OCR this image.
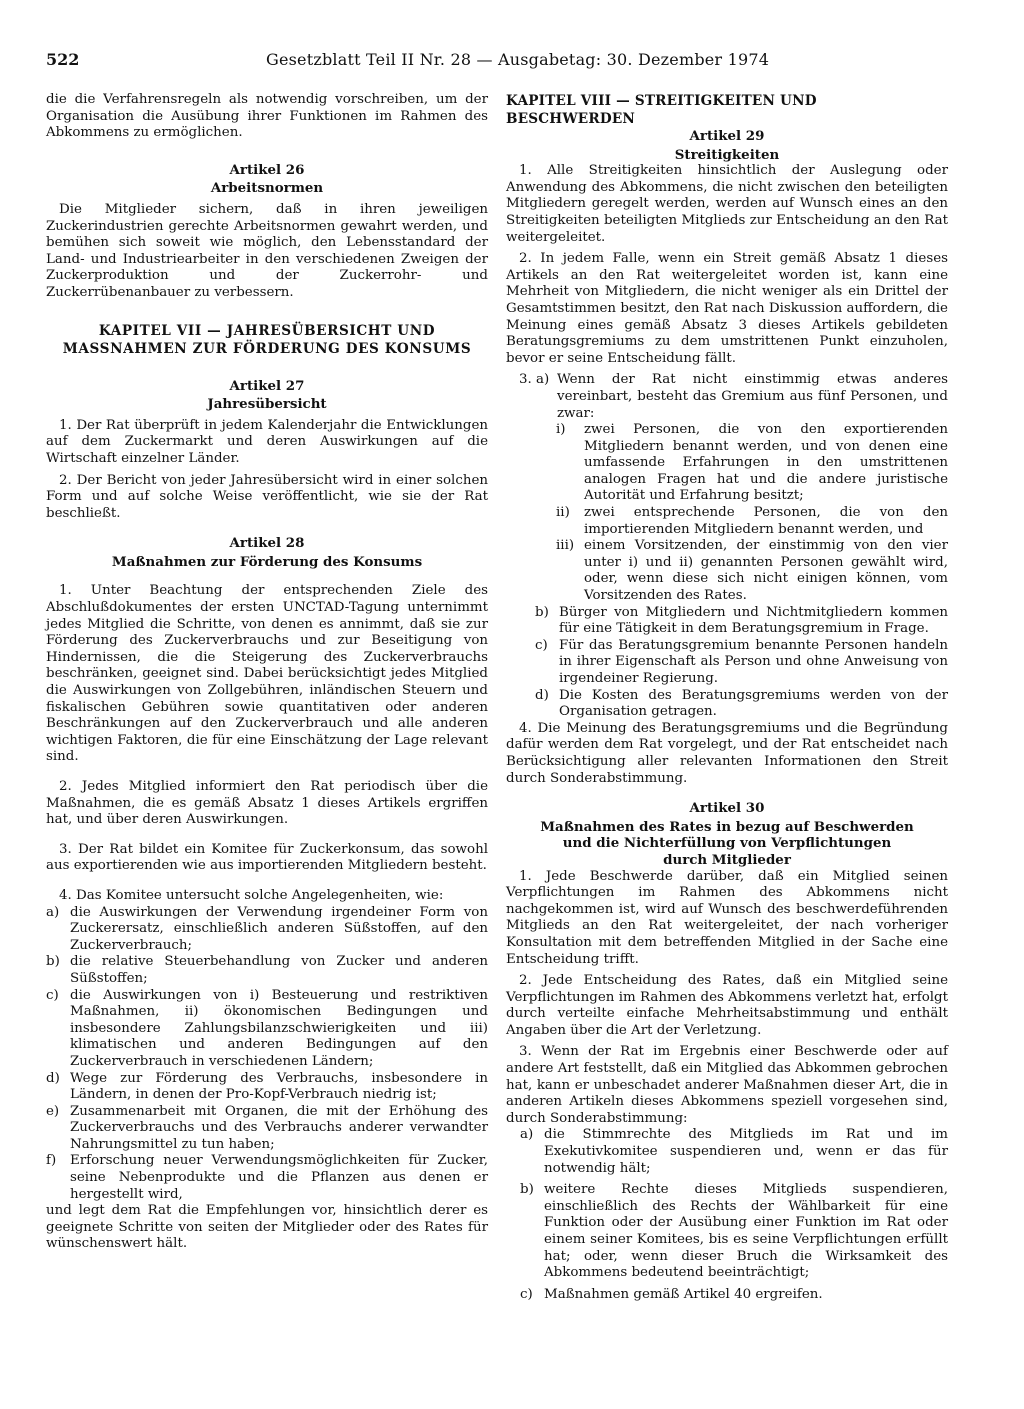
522	Gesetzblatt Teil II Nr. 28 — Ausgabetag: 30. Dezember 1974

die die Verfahrensregeln als notwendig vorschreiben, um der Organisation die Ausübung ihrer Funktionen im Rahmen des Abkommens zu ermöglichen.

Artikel 26

Arbeitsnormen

Die Mitglieder sichern, daß in ihren jeweiligen Zuckerindustrien gerechte Arbeitsnormen gewahrt werden, und bemühen sich soweit wie möglich, den Lebensstandard der Land- und Industriearbeiter in den verschiedenen Zweigen der Zuckerproduktion und der Zuckerrohr- und Zuckerrübenanbauer zu verbessern.

KAPITEL VII — JAHRESÜBERSICHT UND

MASSNAHMEN ZUR FÖRDERUNG DES KONSUMS

Artikel 27

Jahresübersicht

1. Der Rat überprüft in jedem Kalenderjahr die Entwicklungen auf dem Zuckermarkt und deren Auswirkungen auf die Wirtschaft einzelner Länder.

2. Der Bericht von jeder Jahresübersicht wird in einer solchen Form und auf solche Weise veröffentlicht, wie sie der Rat beschließt.

Artikel 28

Maßnahmen zur Förderung des Konsums

1. Unter Beachtung der entsprechenden Ziele des Abschlußdokumentes der ersten UNCTAD-Tagung unternimmt jedes Mitglied die Schritte, von denen es annimmt, daß sie zur Förderung des Zuckerverbrauchs und zur Beseitigung von Hindernissen, die die Steigerung des Zuckerverbrauchs beschränken, geeignet sind. Dabei berücksichtigt jedes Mitglied die Auswirkungen von Zollgebühren, inländischen Steuern und fiskalischen Gebühren sowie quantitativen oder anderen Beschränkungen auf den Zuckerverbrauch und alle anderen wichtigen Faktoren, die für eine Einschätzung der Lage relevant sind.

2. Jedes Mitglied informiert den Rat periodisch über die Maßnahmen, die es gemäß Absatz 1 dieses Artikels ergriffen hat, und über deren Auswirkungen.

3. Der Rat bildet ein Komitee für Zuckerkonsum, das sowohl aus exportierenden wie aus importierenden Mitgliedern besteht.

4. Das Komitee untersucht solche Angelegenheiten, wie:

a) die Auswirkungen der Verwendung irgendeiner Form von Zuckerersatz, einschließlich anderen Süßstoffen, auf den Zuckerverbrauch;
b) die relative Steuerbehandlung von Zucker und anderen Süßstoffen;
c) die Auswirkungen von i) Besteuerung und restriktiven Maßnahmen, ii) ökonomischen Bedingungen und insbesondere Zahlungsbilanzschwierigkeiten und iii) klimatischen und anderen Bedingungen auf den Zuckerverbrauch in verschiedenen Ländern;
d) Wege zur Förderung des Verbrauchs, insbesondere in Ländern, in denen der Pro-Kopf-Verbrauch niedrig ist;
e) Zusammenarbeit mit Organen, die mit der Erhöhung des Zuckerverbrauchs und des Verbrauchs anderer verwandter Nahrungsmittel zu tun haben;
f)	Erforschung neuer Verwendungsmöglichkeiten für Zucker, seine Nebenprodukte und die Pflanzen aus denen er hergestellt wird,

und legt dem Rat die Empfehlungen vor, hinsichtlich derer es geeignete Schritte von seiten der Mitglieder oder des Rates für wünschenswert hält.

KAPITEL VIII — STREITIGKEITEN UND BESCHWERDEN

Artikel 29

Streitigkeiten

1. Alle Streitigkeiten hinsichtlich der Auslegung oder Anwendung des Abkommens, die nicht zwischen den beteiligten Mitgliedern geregelt werden, werden auf Wunsch eines an den Streitigkeiten beteiligten Mitglieds zur Entscheidung an den Rat weitergeleitet.

2. In jedem Falle, wenn ein Streit gemäß Absatz 1 dieses Artikels an den Rat weitergeleitet worden ist, kann eine Mehrheit von Mitgliedern, die nicht weniger als ein Drittel der Gesamtstimmen besitzt, den Rat nach Diskussion auffordern, die Meinung eines gemäß Absatz 3 dieses Artikels gebildeten Beratungsgremiums zu dem umstrittenen Punkt einzuholen, bevor er seine Entscheidung fällt.

3. a) Wenn der Rat nicht einstimmig etwas anderes vereinbart, besteht das Gremium aus fünf Personen, und zwar:
i)	zwei Personen, die von den exportierenden Mitgliedern benannt werden, und von denen eine umfassende Erfahrungen in den umstrittenen analogen Fragen hat und die andere juristische Autorität und Erfahrung besitzt;
ii)	zwei entsprechende Personen, die von den importierenden Mitgliedern benannt werden, und
iii) einem Vorsitzenden, der einstimmig von den vier unter i) und ii) genannten Personen gewählt wird, oder, wenn diese sich nicht einigen können, vom Vorsitzenden des Rates.
b) Bürger von Mitgliedern und Nichtmitgliedern kommen für eine Tätigkeit in dem Beratungsgremium in Frage.
c) Für das Beratungsgremium benannte Personen handeln in ihrer Eigenschaft als Person und ohne Anweisung von irgendeiner Regierung.
d) Die Kosten des Beratungsgremiums werden von der Organisation getragen.

4. Die Meinung des Beratungsgremiums und die Begründung dafür werden dem Rat vorgelegt, und der Rat entscheidet nach Berücksichtigung aller relevanten Informationen den Streit durch Sonderabstimmung.

Artikel 30

Maßnahmen des Rates in bezug auf Beschwerden

und die Nichterfüllung von Verpflichtungen

durch Mitglieder

1. Jede Beschwerde darüber, daß ein Mitglied seinen Verpflichtungen im Rahmen des Abkommens nicht nachgekommen ist, wird auf Wunsch des beschwerdeführenden Mitglieds an den Rat weitergeleitet, der nach vorheriger Konsultation mit dem betreffenden Mitglied in der Sache eine Entscheidung trifft.

2. Jede Entscheidung des Rates, daß ein Mitglied seine Verpflichtungen im Rahmen des Abkommens verletzt hat, erfolgt durch verteilte einfache Mehrheitsabstimmung und enthält Angaben über die Art der Verletzung.

3. Wenn der Rat im Ergebnis einer Beschwerde oder auf andere Art feststellt, daß ein Mitglied das Abkommen gebrochen hat, kann er unbeschadet anderer Maßnahmen dieser Art, die in anderen Artikeln dieses Abkommens speziell vorgesehen sind, durch Sonderabstimmung:

a) die Stimmrechte des Mitglieds im Rat und im Exekutivkomitee suspendieren und, wenn er das für notwendig hält;
b) weitere Rechte dieses Mitglieds suspendieren, einschließlich des Rechts der Wählbarkeit für eine Funktion oder der Ausübung einer Funktion im Rat oder einem seiner Komitees, bis es seine Verpflichtungen erfüllt hat; oder, wenn dieser Bruch die Wirksamkeit des Abkommens bedeutend beeinträchtigt;
c) Maßnahmen gemäß Artikel 40 ergreifen.
